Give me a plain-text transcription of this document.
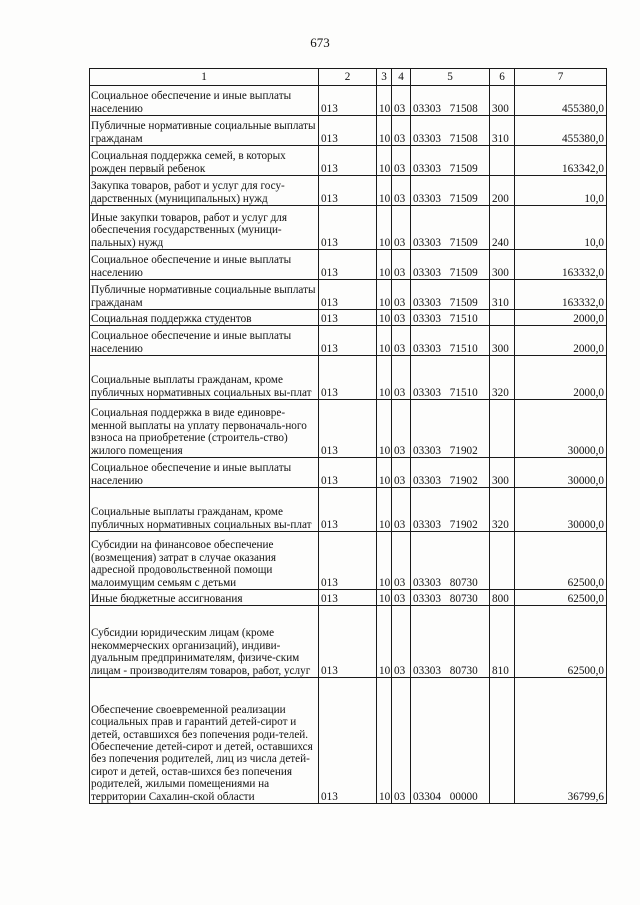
673
1	2	3	4	5	6	7
Социальное обеспечение и иные выплаты населению	013	10	03	03303 71508	300	455380,0
Публичные нормативные социальные выплаты гражданам	013	10	03	03303 71508	310	455380,0
Социальная поддержка семей, в которых рожден первый ребенок	013	10	03	03303 71509		163342,0
Закупка товаров, работ и услуг для госу-дарственных (муниципальных) нужд	013	10	03	03303 71509	200	10,0
Иные закупки товаров, работ и услуг для обеспечения государственных (муници-пальных) нужд	013	10	03	03303 71509	240	10,0
Социальное обеспечение и иные выплаты населению	013	10	03	03303 71509	300	163332,0
Публичные нормативные социальные выплаты гражданам	013	10	03	03303 71509	310	163332,0
Социальная поддержка студентов	013	10	03	03303 71510		2000,0
Социальное обеспечение и иные выплаты населению	013	10	03	03303 71510	300	2000,0
Социальные выплаты гражданам, кроме публичных нормативных социальных вы-плат	013	10	03	03303 71510	320	2000,0
Социальная поддержка в виде единовре-менной выплаты на уплату первоначаль-ного взноса на приобретение (строитель-ство) жилого помещения	013	10	03	03303 71902		30000,0
Социальное обеспечение и иные выплаты населению	013	10	03	03303 71902	300	30000,0
Социальные выплаты гражданам, кроме публичных нормативных социальных вы-плат	013	10	03	03303 71902	320	30000,0
Субсидии на финансовое обеспечение (возмещения) затрат в случае оказания адресной продовольственной помощи малоимущим семьям с детьми	013	10	03	03303 80730		62500,0
Иные бюджетные ассигнования	013	10	03	03303 80730	800	62500,0
Субсидии юридическим лицам (кроме некоммерческих организаций), индиви-дуальным предпринимателям, физиче-ским лицам - производителям товаров, работ, услуг	013	10	03	03303 80730	810	62500,0
Обеспечение своевременной реализации социальных прав и гарантий детей-сирот и детей, оставшихся без попечения роди-телей. Обеспечение детей-сирот и детей, оставшихся без попечения родителей, лиц из числа детей-сирот и детей, остав-шихся без попечения родителей, жилыми помещениями на территории Сахалин-ской области	013	10	03	03304 00000		36799,6
